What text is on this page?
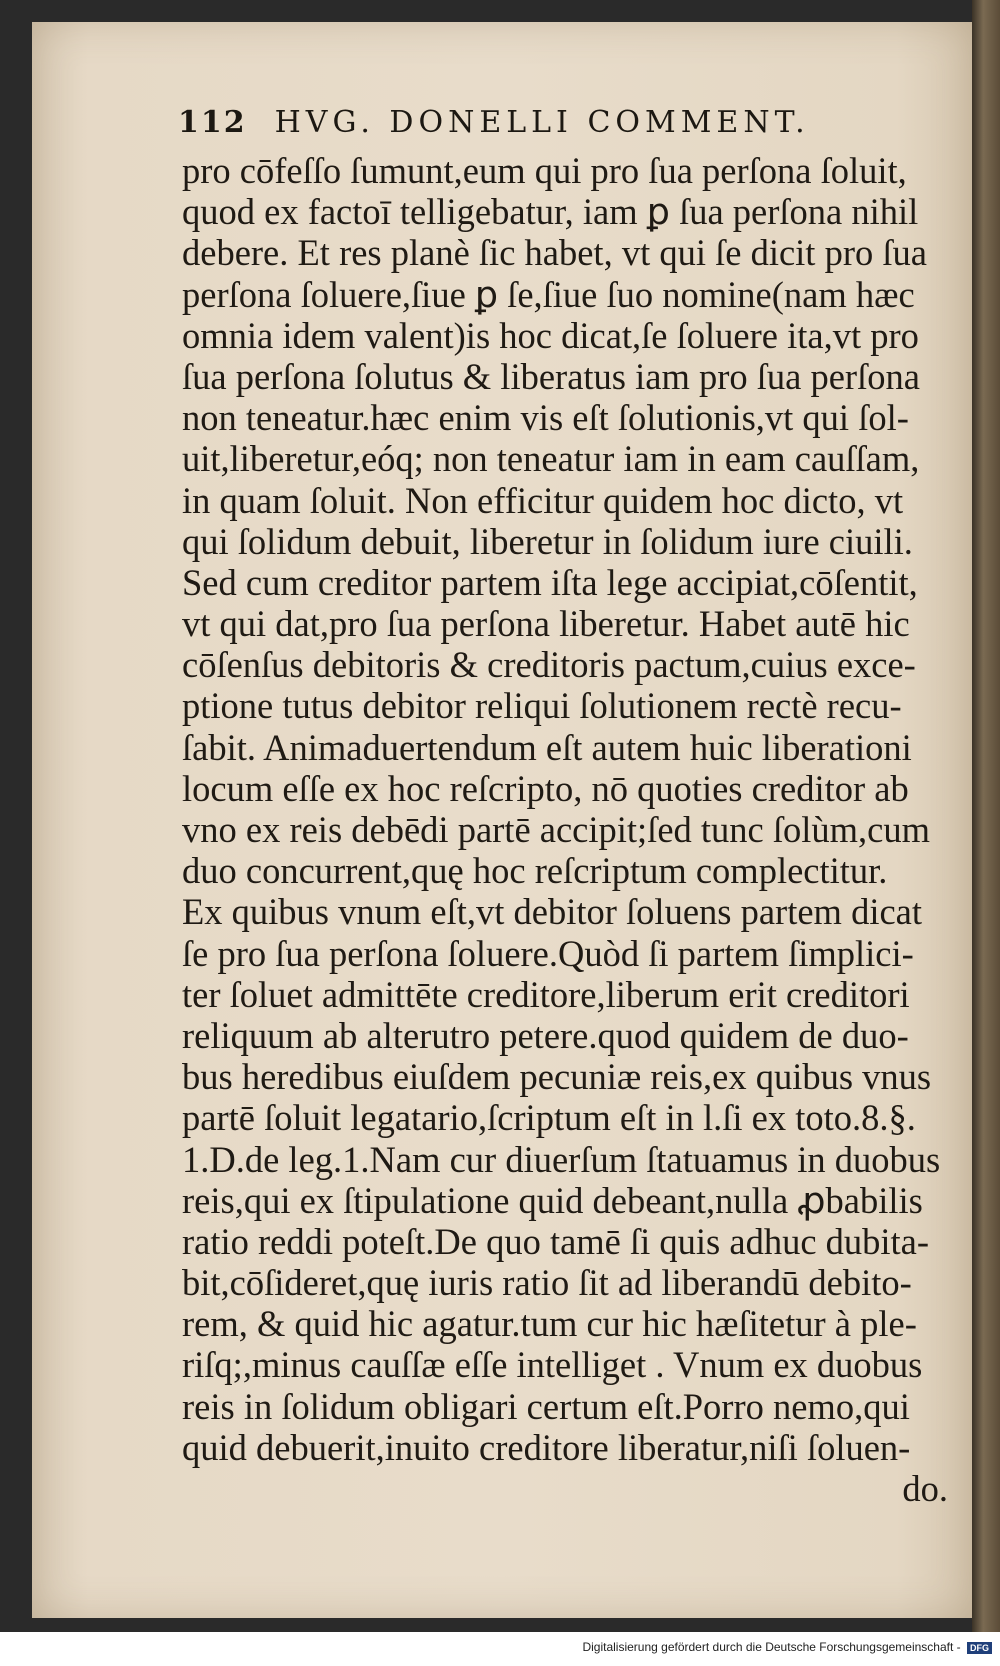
112 HVG. DONELLI COMMENT.
pro cōfeſſo ſumunt,eum qui pro ſua perſona ſoluit,
quod ex factoī telligebatur, iam ꝑ ſua perſona nihil
debere. Et res planè ſic habet, vt qui ſe dicit pro ſua
perſona ſoluere,ſiue ꝑ ſe,ſiue ſuo nomine(nam hæc
omnia idem valent)is hoc dicat,ſe ſoluere ita,vt pro
ſua perſona ſolutus & liberatus iam pro ſua perſona
non teneatur.hæc enim vis eſt ſolutionis,vt qui ſol-
uit,liberetur,eóq; non teneatur iam in eam cauſſam,
in quam ſoluit. Non efficitur quidem hoc dicto, vt
qui ſolidum debuit, liberetur in ſolidum iure ciuili.
Sed cum creditor partem iſta lege accipiat,cōſentit,
vt qui dat,pro ſua perſona liberetur. Habet autē hic
cōſenſus debitoris & creditoris pactum,cuius exce-
ptione tutus debitor reliqui ſolutionem rectè recu-
ſabit. Animaduertendum eſt autem huic liberationi
locum eſſe ex hoc reſcripto, nō quoties creditor ab
vno ex reis debēdi partē accipit;ſed tunc ſolùm,cum
duo concurrent,quę hoc reſcriptum complectitur.
Ex quibus vnum eſt,vt debitor ſoluens partem dicat
ſe pro ſua perſona ſoluere.Quòd ſi partem ſimplici-
ter ſoluet admittēte creditore,liberum erit creditori
reliquum ab alterutro petere.quod quidem de duo-
bus heredibus eiuſdem pecuniæ reis,ex quibus vnus
partē ſoluit legatario,ſcriptum eſt in l.ſi ex toto.8.§.
1.D.de leg.1.Nam cur diuerſum ſtatuamus in duobus
reis,qui ex ſtipulatione quid debeant,nulla ꝓbabilis
ratio reddi poteſt.De quo tamē ſi quis adhuc dubita-
bit,cōſideret,quę iuris ratio ſit ad liberandū debito-
rem, & quid hic agatur.tum cur hic hæſitetur à ple-
riſq;,minus cauſſæ eſſe intelliget . Vnum ex duobus
reis in ſolidum obligari certum eſt.Porro nemo,qui
quid debuerit,inuito creditore liberatur,niſi ſoluen-
do.
Digitalisierung gefördert durch die Deutsche Forschungsgemeinschaft - DFG
